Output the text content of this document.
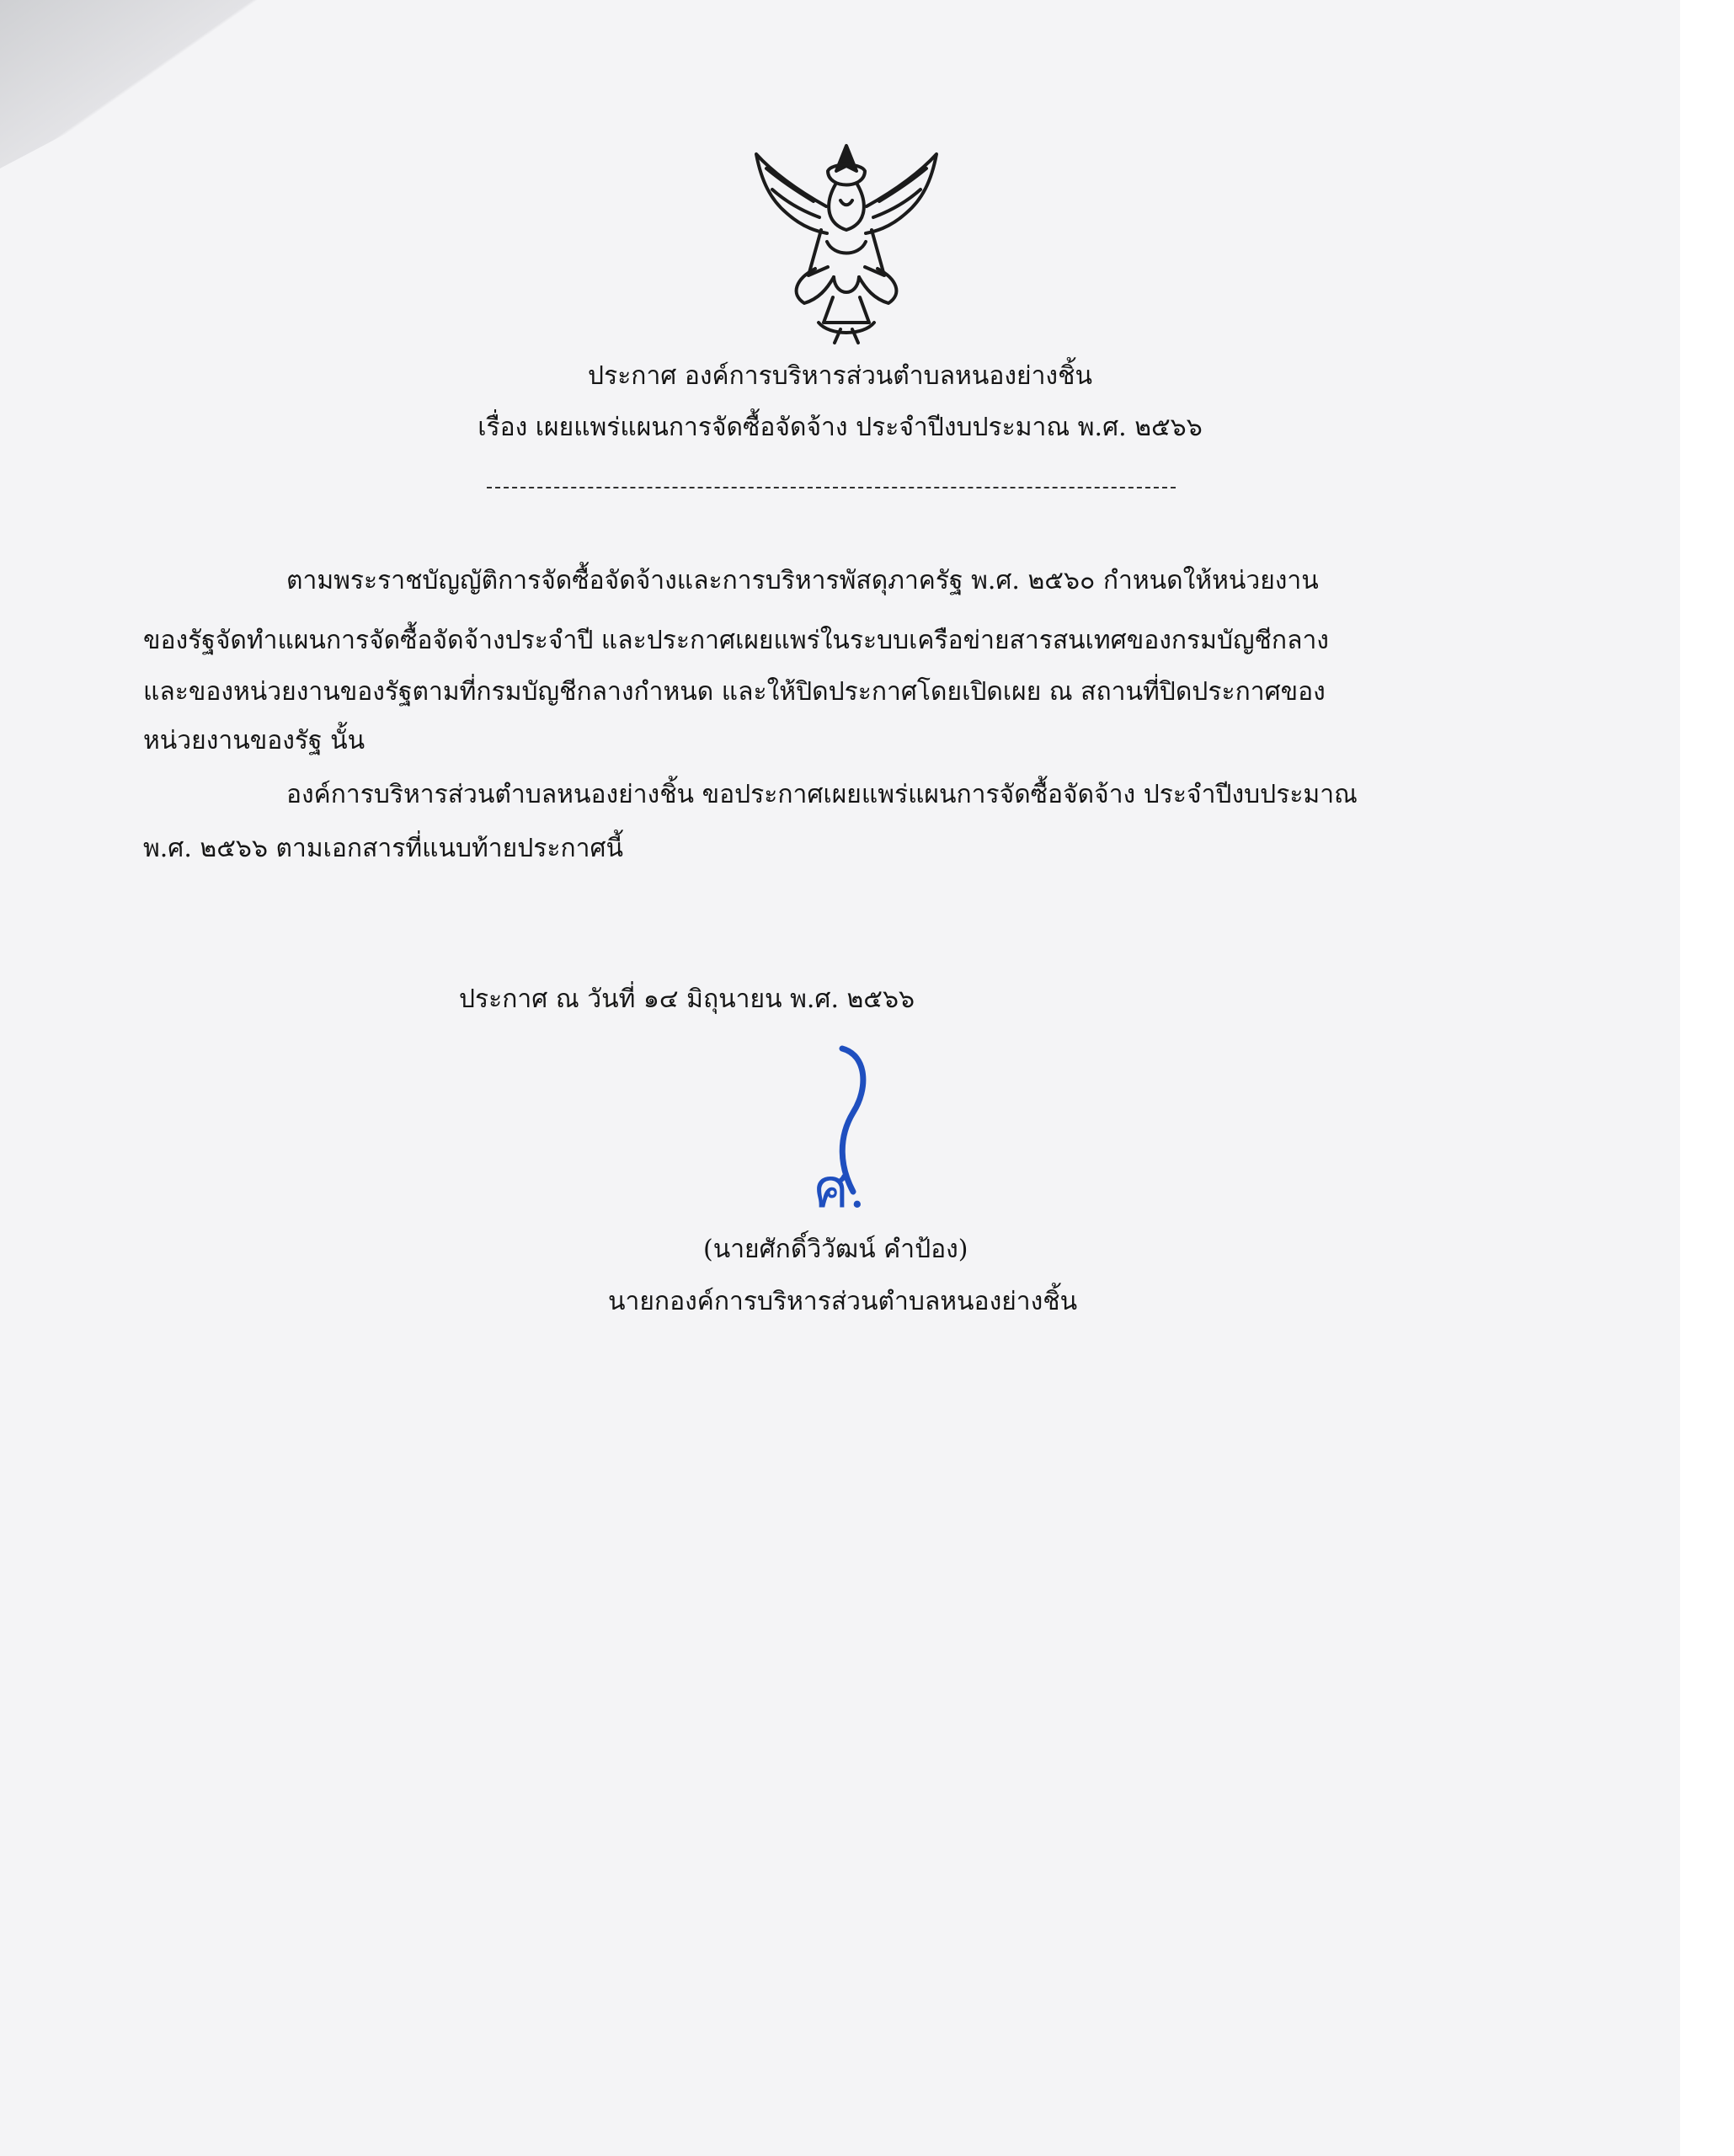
ประกาศ องค์การบริหารส่วนตำบลหนองย่างชิ้น

เรื่อง เผยแพร่แผนการจัดซื้อจัดจ้าง ประจำปีงบประมาณ พ.ศ. ๒๕๖๖

ตามพระราชบัญญัติการจัดซื้อจัดจ้างและการบริหารพัสดุภาครัฐ พ.ศ. ๒๕๖๐ กำหนดให้หน่วยงาน

ของรัฐจัดทำแผนการจัดซื้อจัดจ้างประจำปี และประกาศเผยแพร่ในระบบเครือข่ายสารสนเทศของกรมบัญชีกลาง

และของหน่วยงานของรัฐตามที่กรมบัญชีกลางกำหนด และให้ปิดประกาศโดยเปิดเผย ณ สถานที่ปิดประกาศของ

หน่วยงานของรัฐ นั้น

องค์การบริหารส่วนตำบลหนองย่างชิ้น ขอประกาศเผยแพร่แผนการจัดซื้อจัดจ้าง ประจำปีงบประมาณ

พ.ศ. ๒๕๖๖ ตามเอกสารที่แนบท้ายประกาศนี้

ประกาศ ณ วันที่ ๑๔ มิถุนายน พ.ศ. ๒๕๖๖

ศ.

(นายศักดิ์วิวัฒน์ คำป้อง)

นายกองค์การบริหารส่วนตำบลหนองย่างชิ้น
